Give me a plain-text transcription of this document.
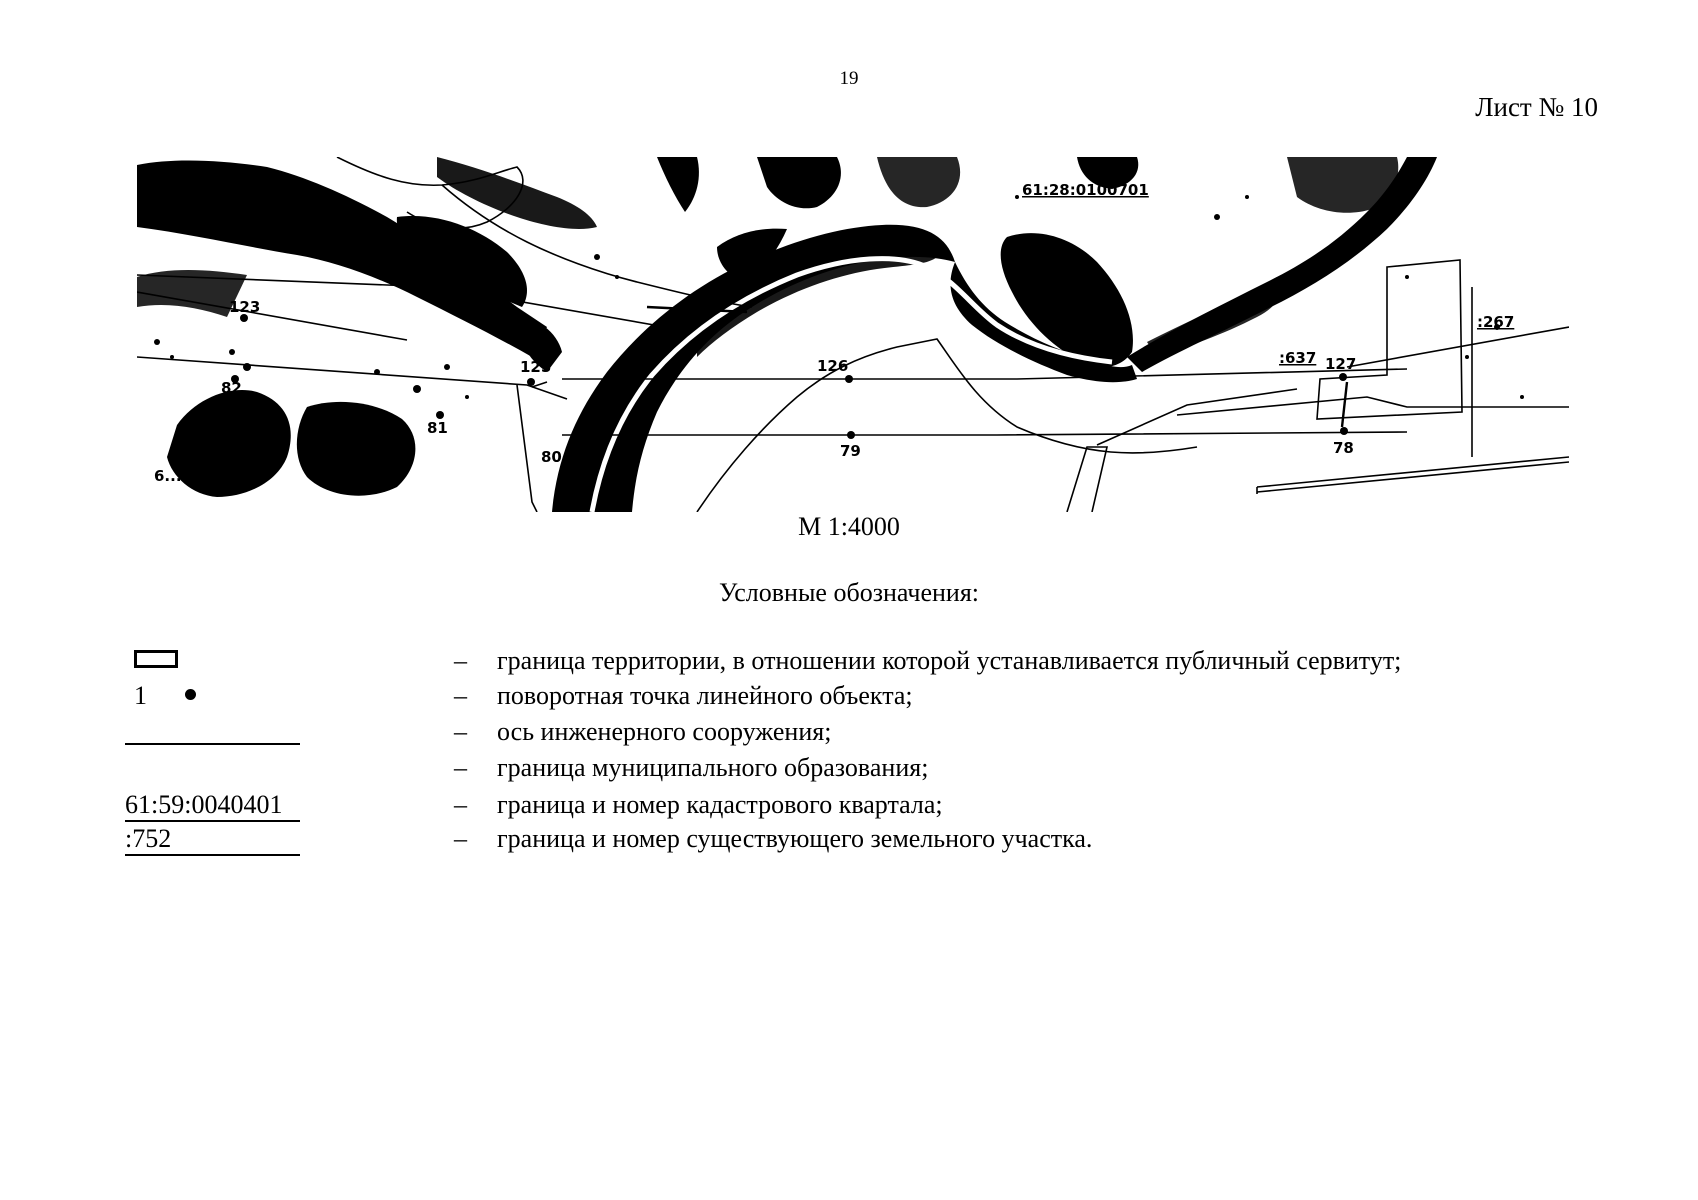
19
Лист № 10
123
82
81
125
80
126
79
127
78
11	61:28:0100701
:267
:637
6...:06
М 1:4000
Условные обозначения:
– граница территории, в отношении которой устанавливается публичный сервитут;
1	– поворотная точка линейного объекта;
– ось инженерного сооружения;
– граница муниципального образования;
61:59:0040401	– граница и номер кадастрового квартала;
:752	– граница и номер существующего земельного участка.
